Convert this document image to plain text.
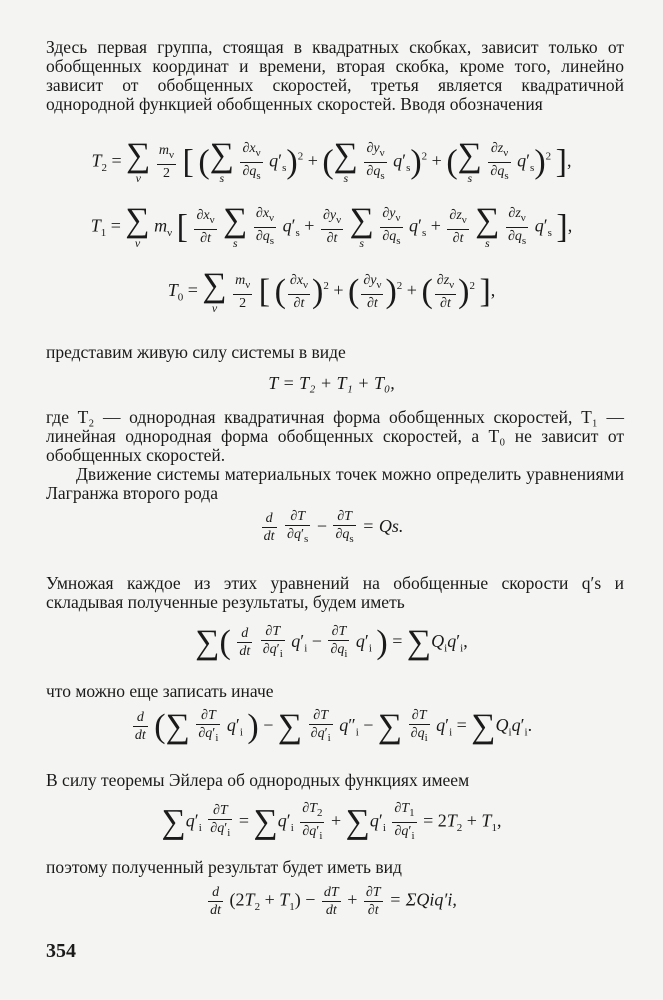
Здесь первая группа, стоящая в квадратных скобках, зависит только от обобщенных координат и времени, вторая скобка, кроме того, линейно зависит от обобщенных скоростей, третья является квадратичной однородной функцией обобщенных скоростей. Вводя обозначения
$T_2$ = ∑
ν
	$\frac{m_\nu}{2}$ [ ( ∑
s
	$\frac{\partial x_\nu}{\partial q_s} q'_s)^2$ + ( ∑
s
	$\frac{\partial y_\nu}{\partial q_s} q'_s)^2$ + ( ∑
s
	$\frac{\partial z_\nu}{\partial q_s} q'_s)^2$ ],
$T_1$ = ∑
ν
$m_\nu$ [ $\frac{\partial x_\nu}{\partial t}$
∑
s
	$\frac{\partial x_\nu}{\partial q_s} q'_s + \frac{\partial y_\nu}{\partial t}$
∑
s
	$\frac{\partial y_\nu}{\partial q_s} q'_s + \frac{\partial z_\nu}{\partial t}$
∑
s
	$\frac{\partial z_\nu}{\partial q_s} q'_s$ ],
$T_0$ = ∑
ν
	$\frac{m_\nu}{2}$ [ ( $\frac{\partial x_\nu}{\partial t} )^2$ + ( $\frac{\partial y_\nu}{\partial t} )^2$ + ( $\frac{\partial z_\nu}{\partial t} )^2$ ],
представим живую силу системы в виде
T = T₂ + T₁ + T₀,
где T₂ — однородная квадратичная форма обобщенных скоростей, T₁ — линейная однородная форма обобщенных скоростей, а T₀ не зависит от обобщенных скоростей.
Движение системы материальных точек можно определить уравнениями Лагранжа второго рода
$\frac{d}{dt}$
$\frac{\partial T}{\partial q'_s} - \frac{\partial T}{\partial q_s} = Qs$.
Умножая каждое из этих уравнений на обобщенные скорости q′s и складывая полученные результаты, будем иметь
∑( $\frac{d}{dt}$
$\frac{\partial T}{\partial q'_i} q'_i - \frac{\partial T}{\partial q_i} q'_i$ ) = $\sum Q_iq'_i$,
что можно еще записать иначе
$\frac{d}{dt}$ (∑ $\frac{\partial T}{\partial q'_i} q'_i$ ) − ∑ $\frac{\partial T}{\partial q'_i} q''_i$ − ∑ $\frac{\partial T}{\partial q_i} q'_i = \sum Q_iq'_i$.
В силу теоремы Эйлера об однородных функциях имеем
$\sum q'_i \frac{\partial T}{\partial q'_i} = \sum q'_i \frac{\partial T_2}{\partial q'_i} + \sum q'_i \frac{\partial T_1}{\partial q'_i} = 2T_2 + T_1$,
поэтому полученный результат будет иметь вид
$\frac{d}{dt} (2T_2 + T_1) - \frac{dT}{dt} + \frac{\partial T}{\partial t} = \Sigma Qiq'i$,
354
